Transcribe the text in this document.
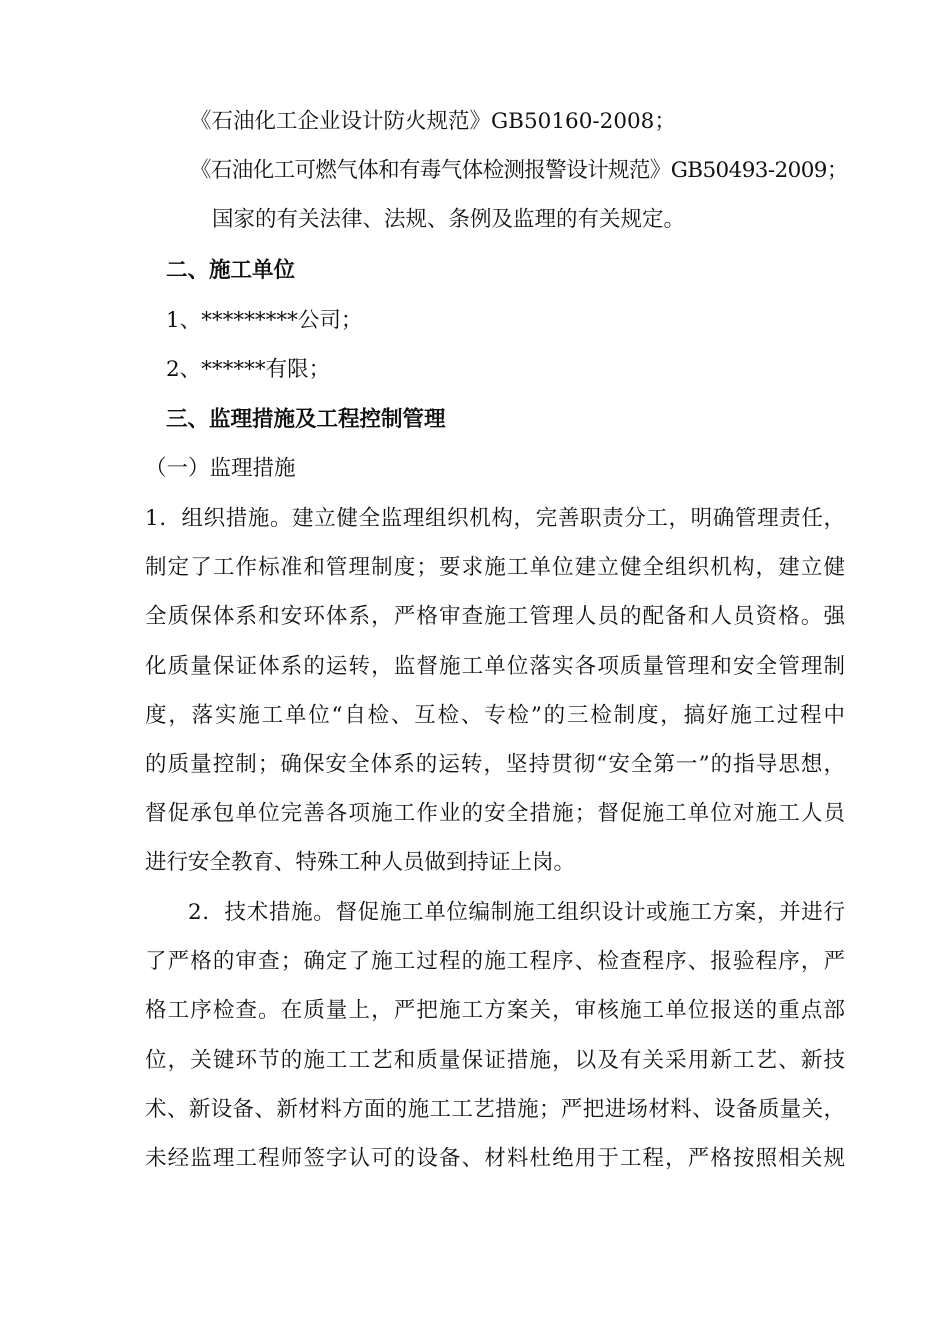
《石油化工企业设计防火规范》GB50160-2008；
《石油化工可燃气体和有毒气体检测报警设计规范》GB50493-2009；
国家的有关法律、法规、条例及监理的有关规定。
二、施工单位
1、*********公司；
2、******有限；
三、监理措施及工程控制管理
（一）监理措施
1．组织措施。建立健全监理组织机构，完善职责分工，明确管理责任，
制定了工作标准和管理制度；要求施工单位建立健全组织机构，建立健
全质保体系和安环体系，严格审查施工管理人员的配备和人员资格。强
化质量保证体系的运转，监督施工单位落实各项质量管理和安全管理制
度，落实施工单位“自检、互检、专检”的三检制度，搞好施工过程中
的质量控制；确保安全体系的运转，坚持贯彻“安全第一”的指导思想，
督促承包单位完善各项施工作业的安全措施；督促施工单位对施工人员
进行安全教育、特殊工种人员做到持证上岗。
2．技术措施。督促施工单位编制施工组织设计或施工方案，并进行
了严格的审查；确定了施工过程的施工程序、检查程序、报验程序，严
格工序检查。在质量上，严把施工方案关，审核施工单位报送的重点部
位，关键环节的施工工艺和质量保证措施，以及有关采用新工艺、新技
术、新设备、新材料方面的施工工艺措施；严把进场材料、设备质量关，
未经监理工程师签字认可的设备、材料杜绝用于工程，严格按照相关规
